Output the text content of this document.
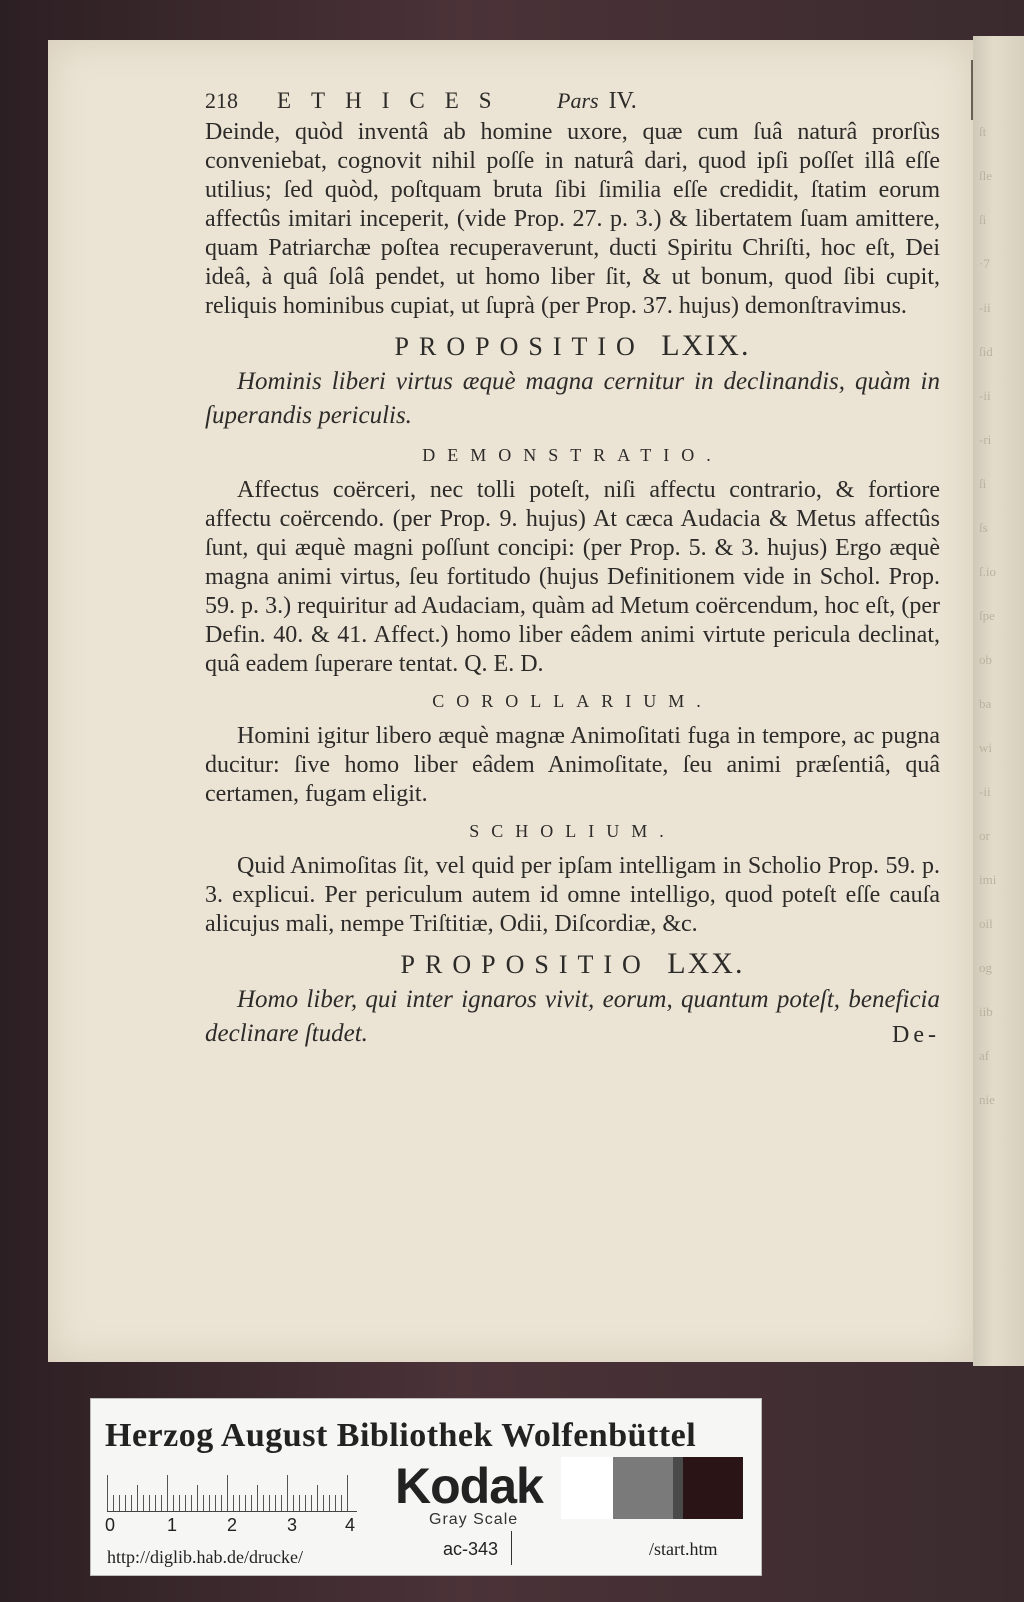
ſt
ſle
ſi
·7
-ii
ſid
-ii
-ri
ſi
ſs
ſ.io
ſpe
ob
ba
wi
-ii
or
imi
oil
og
iib
af
nie
218	ETHICES	Pars IV.

Deinde, quòd inventâ ab homine uxore, quæ cum ſuâ naturâ prorſùs conveniebat, cognovit nihil poſſe in naturâ dari, quod ipſi poſſet illâ eſſe utilius; ſed quòd, poſtquam bruta ſibi ſimilia eſſe credidit, ſtatim eorum affectûs imitari inceperit, (vide Prop. 27. p. 3.) & libertatem ſuam amittere, quam Patriarchæ poſtea recuperaverunt, ducti Spiritu Chriſti, hoc eſt, Dei ideâ, à quâ ſolâ pendet, ut homo liber ſit, & ut bonum, quod ſibi cupit, reliquis hominibus cupiat, ut ſuprà (per Prop. 37. hujus) demonſtravimus.

PROPOSITIO LXIX.

Hominis liberi virtus æquè magna cernitur in declinandis, quàm in ſuperandis periculis.

DEMONSTRATIO.

Affectus coërceri, nec tolli poteſt, niſi affectu contrario, & fortiore affectu coërcendo. (per Prop. 9. hujus) At cæca Audacia & Metus affectûs ſunt, qui æquè magni poſſunt concipi: (per Prop. 5. & 3. hujus) Ergo æquè magna animi virtus, ſeu fortitudo (hujus Definitionem vide in Schol. Prop. 59. p. 3.) requiritur ad Audaciam, quàm ad Metum coërcendum, hoc eſt, (per Defin. 40. & 41. Affect.) homo liber eâdem animi virtute pericula declinat, quâ eadem ſuperare tentat. Q. E. D.

COROLLARIUM.

Homini igitur libero æquè magnæ Animoſitati fuga in tempore, ac pugna ducitur: ſive homo liber eâdem Animoſitate, ſeu animi præſentiâ, quâ certamen, fugam eligit.

SCHOLIUM.

Quid Animoſitas ſit, vel quid per ipſam intelligam in Scholio Prop. 59. p. 3. explicui. Per periculum autem id omne intelligo, quod poteſt eſſe cauſa alicujus mali, nempe Triſtitiæ, Odii, Diſcordiæ, &c.

PROPOSITIO LXX.

Homo liber, qui inter ignaros vivit, eorum, quantum poteſt, beneficia declinare ſtudet.	De-
Herzog August Bibliothek Wolfenbüttel
0	1	2	3	4
Kodak
Gray Scale
http://diglib.hab.de/drucke/	ac-343	/start.htm
